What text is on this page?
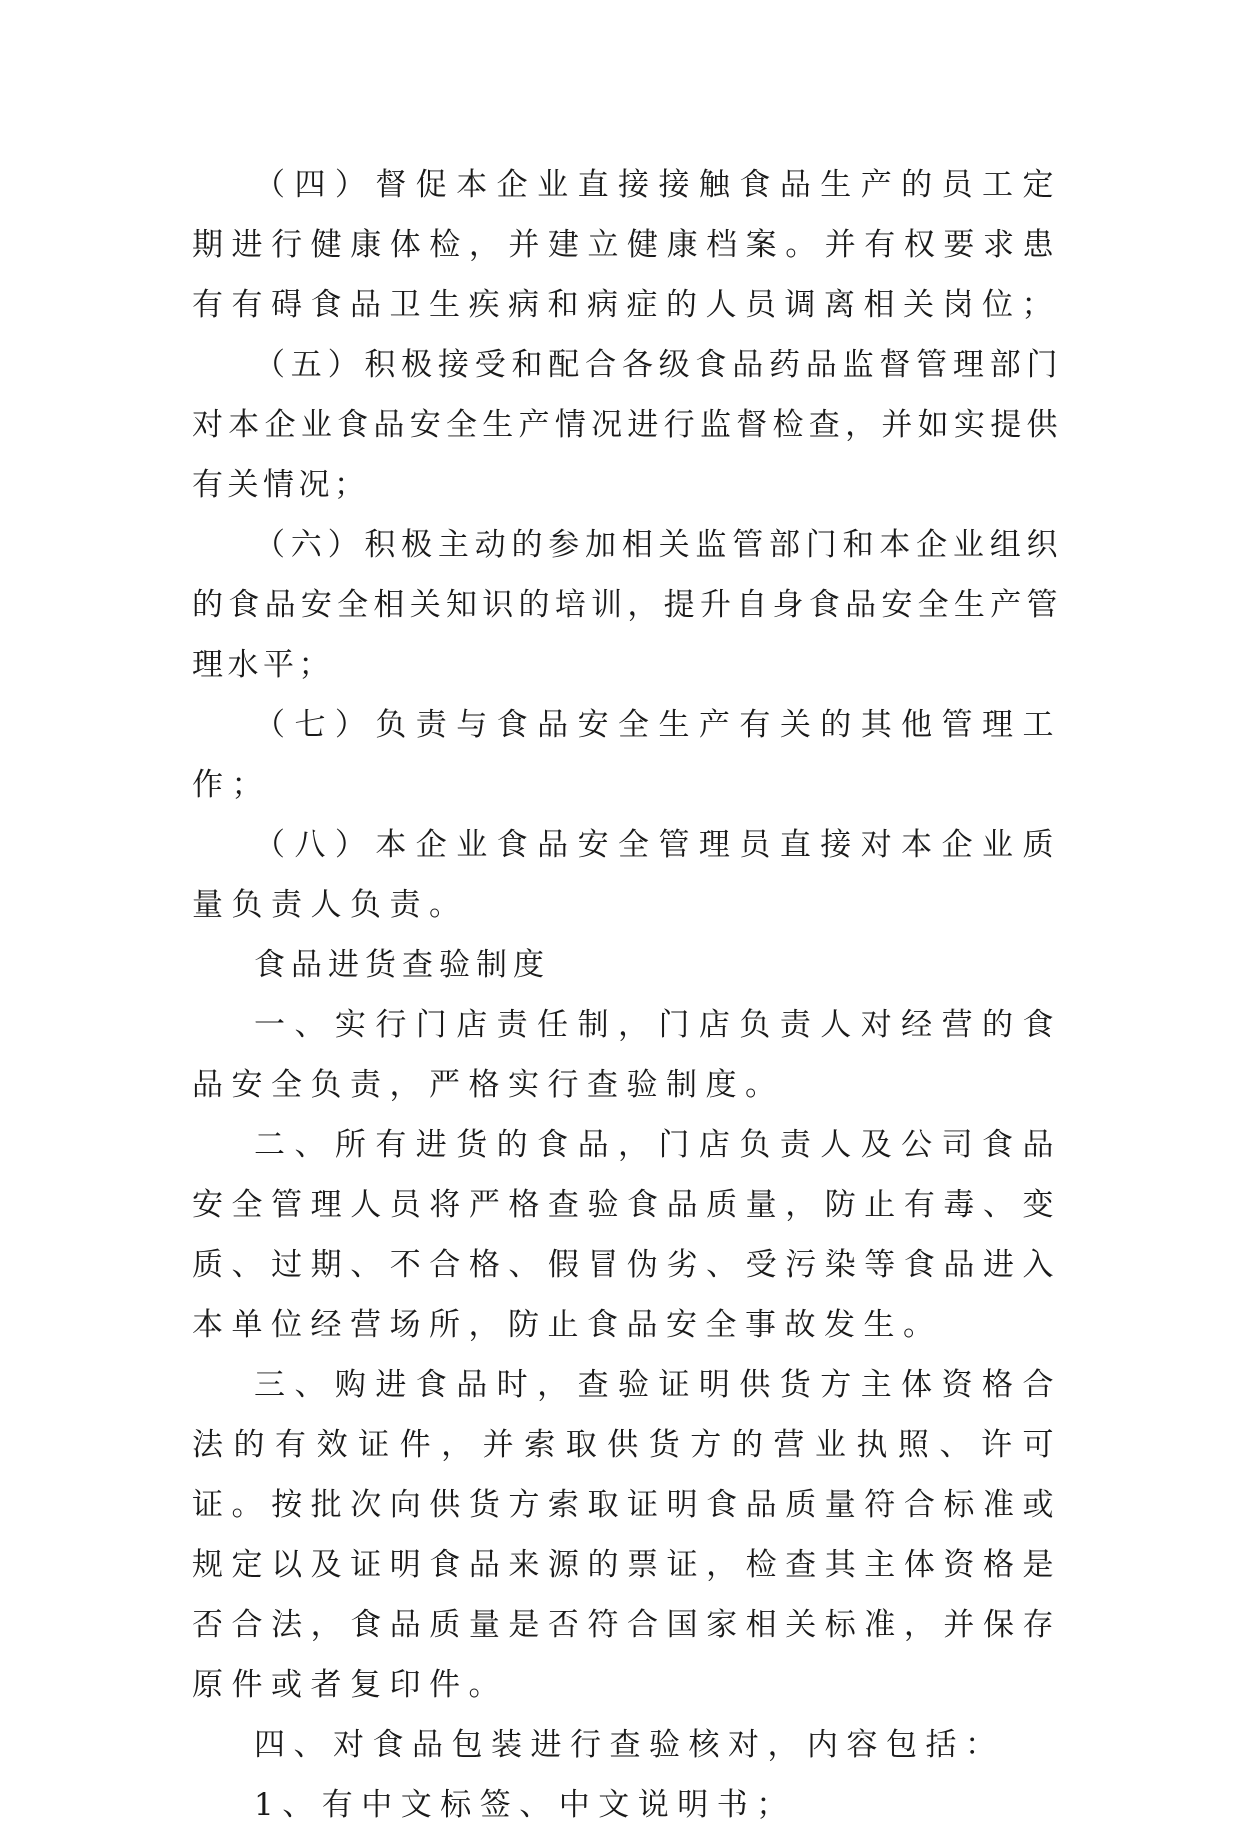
（四）督促本企业直接接触食品生产的员工定期进行健康体检，并建立健康档案。并有权要求患有有碍食品卫生疾病和病症的人员调离相关岗位；

（五）积极接受和配合各级食品药品监督管理部门对本企业食品安全生产情况进行监督检查，并如实提供有关情况；

（六）积极主动的参加相关监管部门和本企业组织的食品安全相关知识的培训，提升自身食品安全生产管理水平；

（七）负责与食品安全生产有关的其他管理工作；

（八）本企业食品安全管理员直接对本企业质量负责人负责。

食品进货查验制度

一、实行门店责任制，门店负责人对经营的食品安全负责，严格实行查验制度。

二、所有进货的食品，门店负责人及公司食品安全管理人员将严格查验食品质量，防止有毒、变质、过期、不合格、假冒伪劣、受污染等食品进入本单位经营场所，防止食品安全事故发生。

三、购进食品时，查验证明供货方主体资格合法的有效证件，并索取供货方的营业执照、许可证。按批次向供货方索取证明食品质量符合标准或规定以及证明食品来源的票证，检查其主体资格是否合法，食品质量是否符合国家相关标准，并保存原件或者复印件。

四、对食品包装进行查验核对，内容包括：

1、有中文标签、中文说明书；
